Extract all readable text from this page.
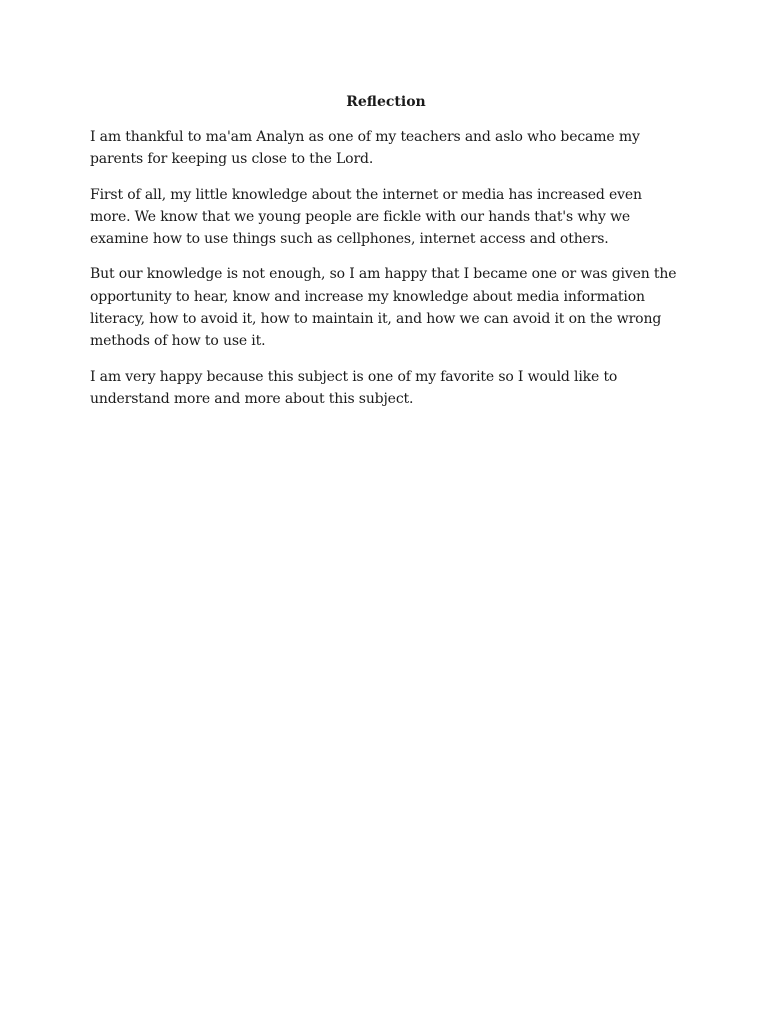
Reflection

I am thankful to ma'am Analyn as one of my teachers and aslo who became my parents for keeping us close to the Lord.

First of all, my little knowledge about the internet or media has increased even more. We know that we young people are fickle with our hands that's why we examine how to use things such as cellphones, internet access and others.

But our knowledge is not enough, so I am happy that I became one or was given the opportunity to hear, know and increase my knowledge about media information literacy, how to avoid it, how to maintain it, and how we can avoid it on the wrong methods of how to use it.

I am very happy because this subject is one of my favorite so I would like to understand more and more about this subject.
